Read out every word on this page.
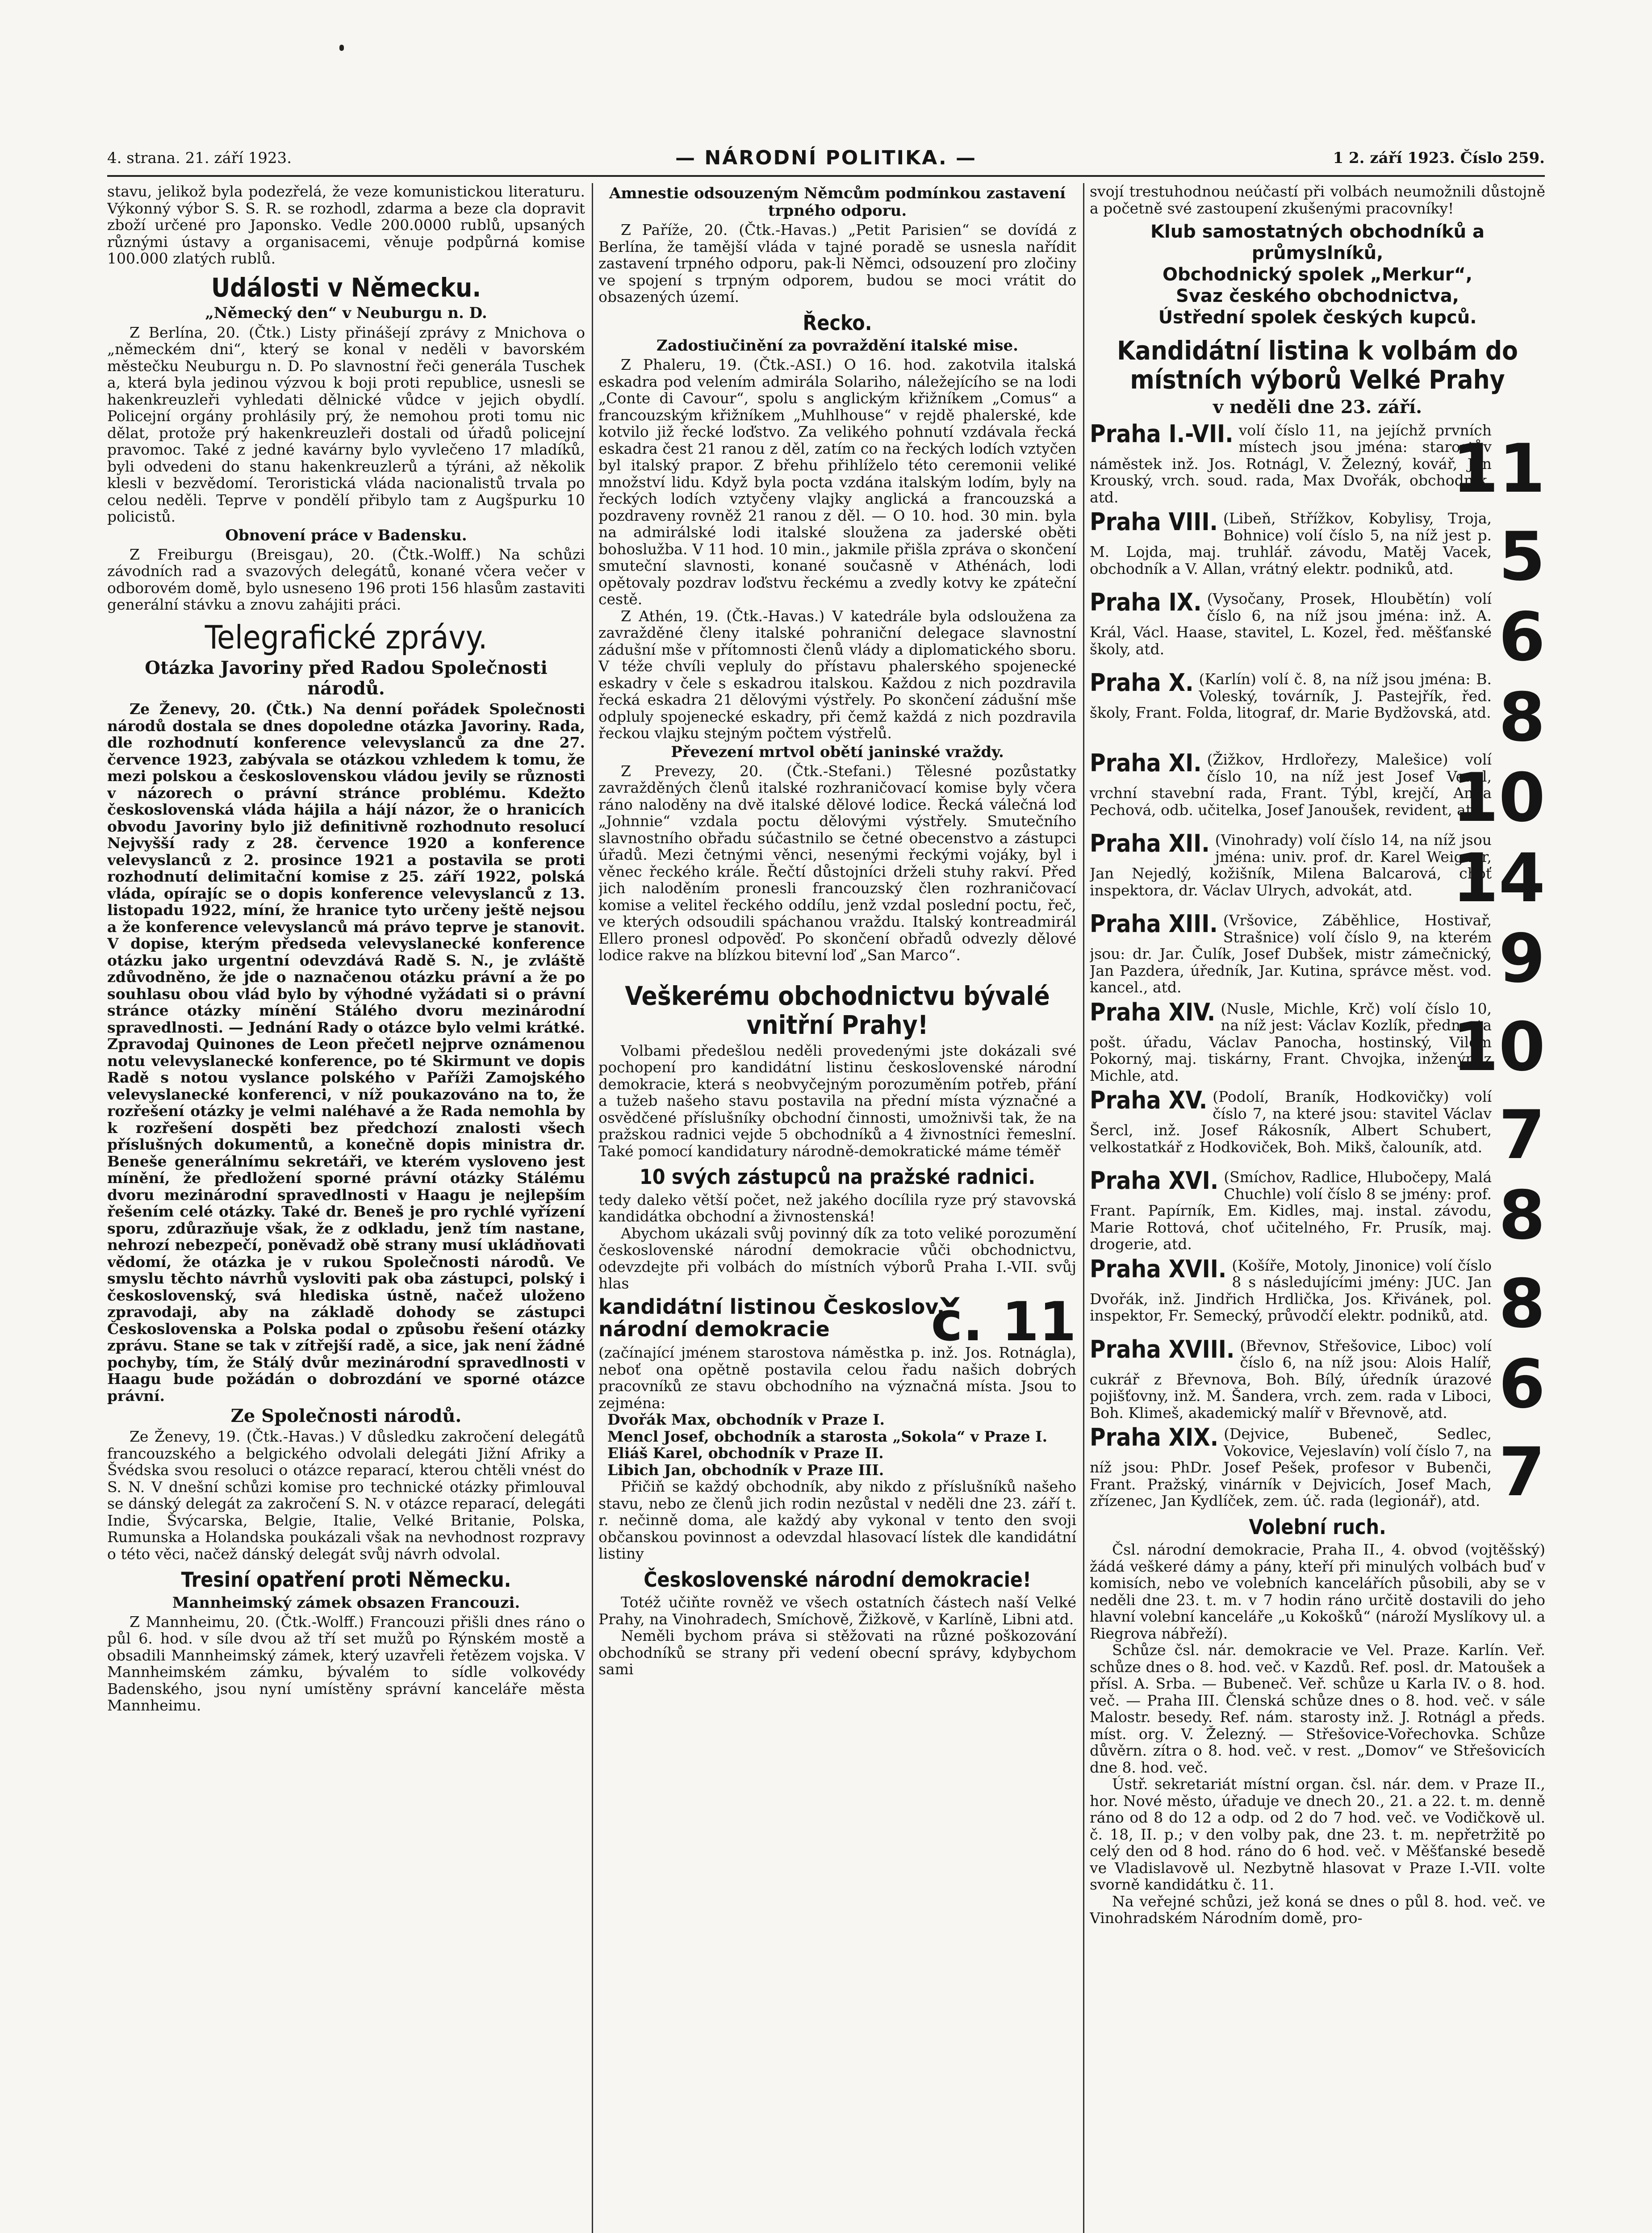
4. strana. 21. září 1923.	— NÁRODNÍ POLITIKA. —	1 2. září 1923. Číslo 259.

stavu, jelikož byla podezřelá, že veze komunistickou literaturu. Výkonný výbor S. S. R. se rozhodl, zdarma a beze cla dopravit zboží určené pro Japonsko. Vedle 200.0000 rublů, upsaných různými ústavy a organisacemi, věnuje podpůrná komise 100.000 zlatých rublů.

Události v Německu.
„Německý den“ v Neuburgu n. D.

Z Berlína, 20. (Čtk.) Listy přinášejí zprávy z Mnichova o „německém dni“, který se konal v neděli v bavorském městečku Neuburgu n. D. Po slavnostní řeči generála Tuschek a, která byla jedinou výzvou k boji proti republice, usnesli se hakenkreuzleři vyhledati dělnické vůdce v jejich obydlí. Policejní orgány prohlásily prý, že nemohou proti tomu nic dělat, protože prý hakenkreuzleři dostali od úřadů policejní pravomoc. Také z jedné kavárny bylo vyvlečeno 17 mladíků, byli odvedeni do stanu hakenkreuzlerů a týráni, až několik klesli v bezvědomí. Teroristická vláda nacionalistů trvala po celou neděli. Teprve v pondělí přibylo tam z Augšpurku 10 policistů.

Obnovení práce v Badensku.

Z Freiburgu (Breisgau), 20. (Čtk.-Wolff.) Na schůzi závodních rad a svazových delegátů, konané včera večer v odborovém domě, bylo usneseno 196 proti 156 hlasům zastaviti generální stávku a znovu zahájiti práci.

Telegrafické zprávy.
Otázka Javoriny před Radou Společnosti národů.

Ze Ženevy, 20. (Čtk.) Na denní pořádek Společnosti národů dostala se dnes dopoledne otázka Javoriny. Rada, dle rozhodnutí konference velevyslanců za dne 27. července 1923, zabývala se otázkou vzhledem k tomu, že mezi polskou a československou vládou jevily se různosti v názorech o právní stránce problému. Kdežto československá vláda hájila a hájí názor, že o hranicích obvodu Javoriny bylo již definitivně rozhodnuto resolucí Nejvyšší rady z 28. července 1920 a konference velevyslanců z 2. prosince 1921 a postavila se proti rozhodnutí delimitační komise z 25. září 1922, polská vláda, opírajíc se o dopis konference velevyslanců z 13. listopadu 1922, míní, že hranice tyto určeny ještě nejsou a že konference velevyslanců má právo teprve je stanovit. V dopise, kterým předseda velevyslanecké konference otázku jako urgentní odevzdává Radě S. N., je zvláště zdůvodněno, že jde o naznačenou otázku právní a že po souhlasu obou vlád bylo by výhodné vyžádati si o právní stránce otázky mínění Stálého dvoru mezinárodní spravedlnosti. — Jednání Rady o otázce bylo velmi krátké. Zpravodaj Quinones de Leon přečetl nejprve oznámenou notu velevyslanecké konference, po té Skirmunt ve dopis Radě s notou vyslance polského v Paříži Zamojského velevyslanecké konferenci, v níž poukazováno na to, že rozřešení otázky je velmi naléhavé a že Rada nemohla by k rozřešení dospěti bez předchozí znalosti všech příslušných dokumentů, a konečně dopis ministra dr. Benešе generálnímu sekretáři, ve kterém vysloveno jest mínění, že předložení sporné právní otázky Stálému dvoru mezinárodní spravedlnosti v Haagu je nejlepším řešením celé otázky. Také dr. Beneš je pro rychlé vyřízení sporu, zdůrazňuje však, že z odkladu, jenž tím nastane, nehrozí nebezpečí, poněvadž obě strany musí ukládňovati vědomí, že otázka je v rukou Společnosti národů. Ve smyslu těchto návrhů vysloviti pak oba zástupci, polský i československý, svá hlediska ústně, načež uloženo zpravodaji, aby na základě dohody se zástupci Československa a Polska podal o způsobu řešení otázky zprávu. Stane se tak v zítřejší radě, a sice, jak není žádné pochyby, tím, že Stálý dvůr mezinárodní spravedlnosti v Haagu bude požádán o dobrozdání ve sporné otázce právní.

Ze Společnosti národů.

Ze Ženevy, 19. (Čtk.-Havas.) V důsledku zakročení delegátů francouzského a belgického odvolali delegáti Jižní Afriky a Švédska svou resoluci o otázce reparací, kterou chtěli vnést do S. N. V dnešní schůzi komise pro technické otázky přimlouval se dánský delegát za zakročení S. N. v otázce reparací, delegáti Indie, Švýcarska, Belgie, Italie, Velké Britanie, Polska, Rumunska a Holandska poukázali však na nevhodnost rozpravy o této věci, načež dánský delegát svůj návrh odvolal.

Tresiní opatření proti Německu.
Mannheimský zámek obsazen Francouzi.

Z Mannheimu, 20. (Čtk.-Wolff.) Francouzi přišli dnes ráno o půl 6. hod. v síle dvou až tří set mužů po Rýnském mostě a obsadili Mannheimský zámek, který uzavřeli řetězem vojska. V Mannheimském zámku, bývalém to sídle volkovédy Badenského, jsou nyní umístěny správní kanceláře města Mannheimu.

Amnestie odsouzeným Němcům podmínkou zastavení trpného odporu.

Z Paříže, 20. (Čtk.-Havas.) „Petit Parisien“ se dovídá z Berlína, že tamější vláda v tajné poradě se usnesla nařídit zastavení trpného odporu, pak-li Němci, odsouzení pro zločiny ve spojení s trpným odporem, budou se moci vrátit do obsazených území.

Řecko.
Zadostiučinění za povraždění italské mise.

Z Phaleru, 19. (Čtk.-ASI.) O 16. hod. zakotvila italská eskadra pod velením admirála Solariho, náležejícího se na lodi „Conte di Cavour“, spolu s anglickým křižníkem „Comus“ a francouzským křižníkem „Muhlhouse“ v rejdě phalerské, kde kotvilo již řecké loďstvo. Za velikého pohnutí vzdávala řecká eskadra čest 21 ranou z děl, zatím co na řeckých lodích vztyčen byl italský prapor. Z břehu přihlíželo této ceremonii veliké množství lidu. Když byla pocta vzdána italským lodím, byly na řeckých lodích vztyčeny vlajky anglická a francouzská a pozdraveny rovněž 21 ranou z děl. — O 10. hod. 30 min. byla na admirálské lodi italské sloužena za jaderské oběti bohoslužba. V 11 hod. 10 min., jakmile přišla zpráva o skončení smuteční slavnosti, konané současně v Athénách, lodi opětovaly pozdrav loďstvu řeckému a zvedly kotvy ke zpáteční cestě.

Z Athén, 19. (Čtk.-Havas.) V katedrále byla odsloužena za zavražděné členy italské pohraniční delegace slavnostní zádušní mše v přítomnosti členů vlády a diplomatického sboru. V téže chvíli vepluly do přístavu phalerského spojenecké eskadry v čele s eskadrou italskou. Každou z nich pozdravila řecká eskadra 21 dělovými výstřely. Po skončení zádušní mše odpluly spojenecké eskadry, při čemž každá z nich pozdravila řeckou vlajku stejným počtem výstřelů.

Převezení mrtvol obětí janinské vraždy.

Z Prevezy, 20. (Čtk.-Stefani.) Tělesné pozůstatky zavražděných členů italské rozhraničovací komise byly včera ráno naloděny na dvě italské dělové lodice. Řecká válečná loď „Johnnie“ vzdala poctu dělovými výstřely. Smutečního slavnostního obřadu súčastnilo se četné obecenstvo a zástupci úřadů. Mezi četnými věnci, nesenými řeckými vojáky, byl i věnec řeckého krále. Řečtí důstojníci drželi stuhy rakví. Před jich naloděním pronesli francouzský člen rozhraničovací komise a velitel řeckého oddílu, jenž vzdal poslední poctu, řeč, ve kterých odsoudili spáchanou vraždu. Italský kontreadmirál Ellero pronesl odpověď. Po skončení obřadů odvezly dělové lodice rakve na blízkou bitevní loď „San Marco“.

Veškerému obchodnictvu bývalé vnitřní Prahy!

Volbami předešlou neděli provedenými jste dokázali své pochopení pro kandidátní listinu československé národní demokracie, která s neobvyčejným porozuměním potřeb, přání a tužeb našeho stavu postavila na přední místa význačné a osvědčené příslušníky obchodní činnosti, umožnivši tak, že na pražskou radnici vejde 5 obchodníků a 4 živnostníci řemeslní. Také pomocí kandidatury národně-demokratické máme téměř

10 svých zástupců na pražské radnici.

tedy daleko větší počet, než jakého docílila ryze prý stavovská kandidátka obchodní a živnostenská!

Abychom ukázali svůj povinný dík za toto veliké porozumění československé národní demokracie vůči obchodnictvu, odevzdejte při volbách do místních výborů Praha I.-VII. svůj hlas

kandidátní listinou Českoslov. národní demokracie č. 11

(začínající jménem starostova náměstka p. inž. Jos. Rotnágla), neboť ona opětně postavila celou řadu našich dobrých pracovníků ze stavu obchodního na význačná místa. Jsou to zejména:

Dvořák Max, obchodník v Praze I.
Mencl Josef, obchodník a starosta „Sokola“ v Praze I.
Eliáš Karel, obchodník v Praze II.
Libich Jan, obchodník v Praze III.

Přičiň se každý obchodník, aby nikdo z příslušníků našeho stavu, nebo ze členů jich rodin nezůstal v neděli dne 23. září t. r. nečinně doma, ale každý aby vykonal v tento den svoji občanskou povinnost a odevzdal hlasovací lístek dle kandidátní listiny

Československé národní demokracie!

Totéž učiňte rovněž ve všech ostatních částech naší Velké Prahy, na Vinohradech, Smíchově, Žižkově, v Karlíně, Libni atd.

Neměli bychom práva si stěžovati na různé poškozování obchodníků se strany při vedení obecní správy, kdybychom sami

svojí trestuhodnou neúčastí při volbách neumožnili důstojně a početně své zastoupení zkušenými pracovníky!

Klub samostatných obchodníků a průmyslníků,
Obchodnický spolek „Merkur“,
Svaz českého obchodnictva,
Ústřední spolek českých kupců.
Kandidátní listina k volbám do místních výborů Velké Prahy
v neděli dne 23. září.
Praha I.-VII. volí číslo 11, na jejíchž prvních místech jsou jména: starostův náměstek inž. Jos. Rotnágl, V. Železný, kovář, Jan Krouský, vrch. soud. rada, Max Dvořák, obchodník, atd.	11
Praha VIII. (Libeň, Střížkov, Kobylisy, Troja, Bohnice) volí číslo 5, na níž jest p. M. Lojda, maj. truhlář. závodu, Matěj Vacek, obchodník a V. Allan, vrátný elektr. podniků, atd. 5
Praha IX. (Vysočany, Prosek, Hloubětín) volí číslo 6, na níž jsou jména: inž. A. Král, Václ. Haase, stavitel, L. Kozel, řed. měšťanské školy, atd.	6
Praha X. (Karlín) volí č. 8, na níž jsou jména: B. Voleský, továrník, J. Pastejřík, řed. školy, Frant. Folda, litograf, dr. Marie Bydžovská, atd. 8
Praha XI. (Žižkov, Hrdlořezy, Malešice) volí číslo 10, na níž jest Josef Vencl, vrchní stavební rada, Frant. Týbl, krejčí, Anna Pechová, odb. učitelka, Josef Janoušek, revident, atd.
10
Praha XII. (Vinohrady) volí číslo 14, na níž jsou jména: univ. prof. dr. Karel Weigner, Jan Nejedlý, kožišník, Milena Balcarová, choť inspektora, dr. Václav Ulrych, advokát, atd. 14
Praha XIII. (Vršovice, Záběhlice, Hostivař, Strašnice) volí číslo 9, na kterém jsou: dr. Jar. Čulík, Josef Dubšek, mistr zámečnický, Jan Pazdera, úředník, Jar. Kutina, správce měst. vod. kancel., atd.	9
Praha XIV. (Nusle, Michle, Krč) volí číslo 10, na níž jest: Václav Kozlík, přednosta pošt. úřadu, Václav Panocha, hostinský, Vilém Pokorný, maj. tiskárny, Frant. Chvojka, inženýr z Michle, atd.	10
Praha XV. (Podolí, Braník, Hodkovičky) volí číslo 7, na které jsou: stavitel Václav Šercl, inž. Josef Rákosník, Albert Schubert, velkostatkář z Hodkoviček, Boh. Mikš, čalouník, atd. 7
Praha XVI. (Smíchov, Radlice, Hlubočepy, Malá Chuchle) volí číslo 8 se jmény: prof. Frant. Papírník, Em. Kidles, maj. instal. závodu, Marie Rottová, choť učitelného, Fr. Prusík, maj. drogerie, atd.	8
Praha XVII. (Košíře, Motoly, Jinonice) volí číslo 8 s následujícími jmény: JUC. Jan Dvořák, inž. Jindřich Hrdlička, Jos. Křivánek, pol. inspektor, Fr. Semecký, průvodčí elektr. podniků, atd. 8
Praha XVIII. (Břevnov, Střešovice, Liboc) volí číslo 6, na níž jsou: Alois Halíř, cukrář z Břevnova, Boh. Bílý, úředník úrazové pojišťovny, inž. M. Šandera, vrch. zem. rada v Liboci, Boh. Klimeš, akademický malíř v Břevnově, atd. 6
Praha XIX. (Dejvice, Bubeneč, Sedlec, Vokovice, Vejeslavín) volí číslo 7, na níž jsou: PhDr. Josef Pešek, profesor v Bubenči, Frant. Pražský, vinárník v Dejvicích, Josef Mach, zřízenec, Jan Kydlíček, zem. úč. rada (legionář), atd. 7
Volební ruch.

Čsl. národní demokracie, Praha II., 4. obvod (vojtěšský) žádá veškeré dámy a pány, kteří při minulých volbách buď v komisích, nebo ve volebních kancelářích působili, aby se v neděli dne 23. t. m. v 7 hodin ráno určitě dostavili do jeho hlavní volební kanceláře „u Kokošků“ (nároží Myslíkovy ul. a Riegrova nábřeží).

Schůze čsl. nár. demokracie ve Vel. Praze. Karlín. Veř. schůze dnes o 8. hod. več. v Kazdů. Ref. posl. dr. Matoušek a přísl. A. Srba. — Bubeneč. Veř. schůze u Karla IV. o 8. hod. več. — Praha III. Členská schůze dnes o 8. hod. več. v sále Malostr. besedy. Ref. nám. starosty inž. J. Rotnágl a předs. míst. org. V. Železný. — Střešovice-Vořechovka. Schůze důvěrn. zítra o 8. hod. več. v rest. „Domov“ ve Střešovicích dne 8. hod. več.

Ústř. sekretariát místní organ. čsl. nár. dem. v Praze II., hor. Nové město, úřaduje ve dnech 20., 21. a 22. t. m. denně ráno od 8 do 12 a odp. od 2 do 7 hod. več. ve Vodičkově ul. č. 18, II. p.; v den volby pak, dne 23. t. m. nepřetržitě po celý den od 8 hod. ráno do 6 hod. več. v Měšťanské besedě ve Vladislavově ul. Nezbytně hlasovat v Praze I.-VII. volte svorně kandidátku č. 11.

Na veřejné schůzi, jež koná se dnes o půl 8. hod. več. ve Vinohradském Národním domě, pro-
